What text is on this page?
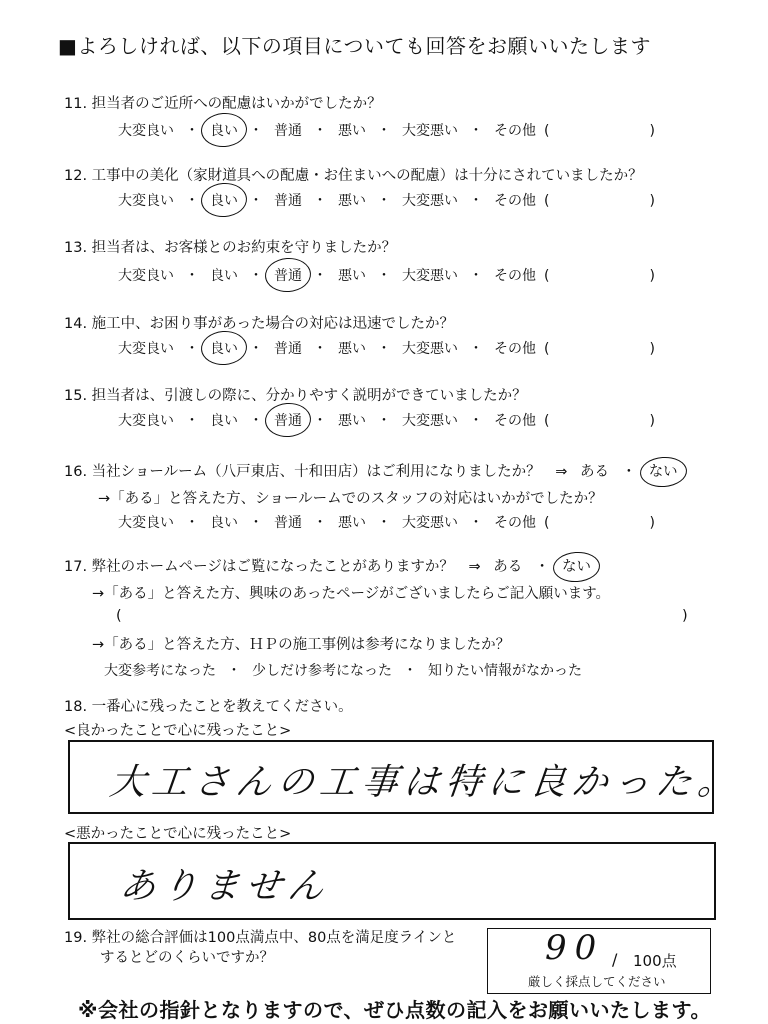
■よろしければ、以下の項目についても回答をお願いいたします
11. 担当者のご近所への配慮はいかがでしたか？
大変良い ・ 良い ・ 普通 ・ 悪い ・ 大変悪い ・ その他 (	)
12. 工事中の美化（家財道具への配慮・お住まいへの配慮）は十分にされていましたか？
大変良い ・ 良い ・ 普通 ・ 悪い ・ 大変悪い ・ その他 (	)
13. 担当者は、お客様とのお約束を守りましたか？
大変良い ・ 良い ・ 普通 ・ 悪い ・ 大変悪い ・ その他 (	)
14. 施工中、お困り事があった場合の対応は迅速でしたか？
大変良い ・ 良い ・ 普通 ・ 悪い ・ 大変悪い ・ その他 (	)
15. 担当者は、引渡しの際に、分かりやすく説明ができていましたか？
大変良い ・ 良い ・ 普通 ・ 悪い ・ 大変悪い ・ その他 (	)
16. 当社ショールーム（八戸東店、十和田店）はご利用になりましたか？ ⇒ ある ・ ない
→「ある」と答えた方、ショールームでのスタッフの対応はいかがでしたか？
大変良い ・ 良い ・ 普通 ・ 悪い ・ 大変悪い ・ その他 (	)
17. 弊社のホームページはご覧になったことがありますか？ ⇒ ある ・ ない
→「ある」と答えた方、興味のあったページがございましたらご記入願います。
(	)
→「ある」と答えた方、ＨＰの施工事例は参考になりましたか？
大変参考になった ・ 少しだけ参考になった ・ 知りたい情報がなかった
18. 一番心に残ったことを教えてください。
<良かったことで心に残ったこと>
大工さんの工事は特に良かった。
<悪かったことで心に残ったこと>
ありません
19. 弊社の総合評価は100点満点中、80点を満足度ラインと
するとどのくらいですか？	90 / 100点
厳しく採点してください
※会社の指針となりますので、ぜひ点数の記入をお願いいたします。
